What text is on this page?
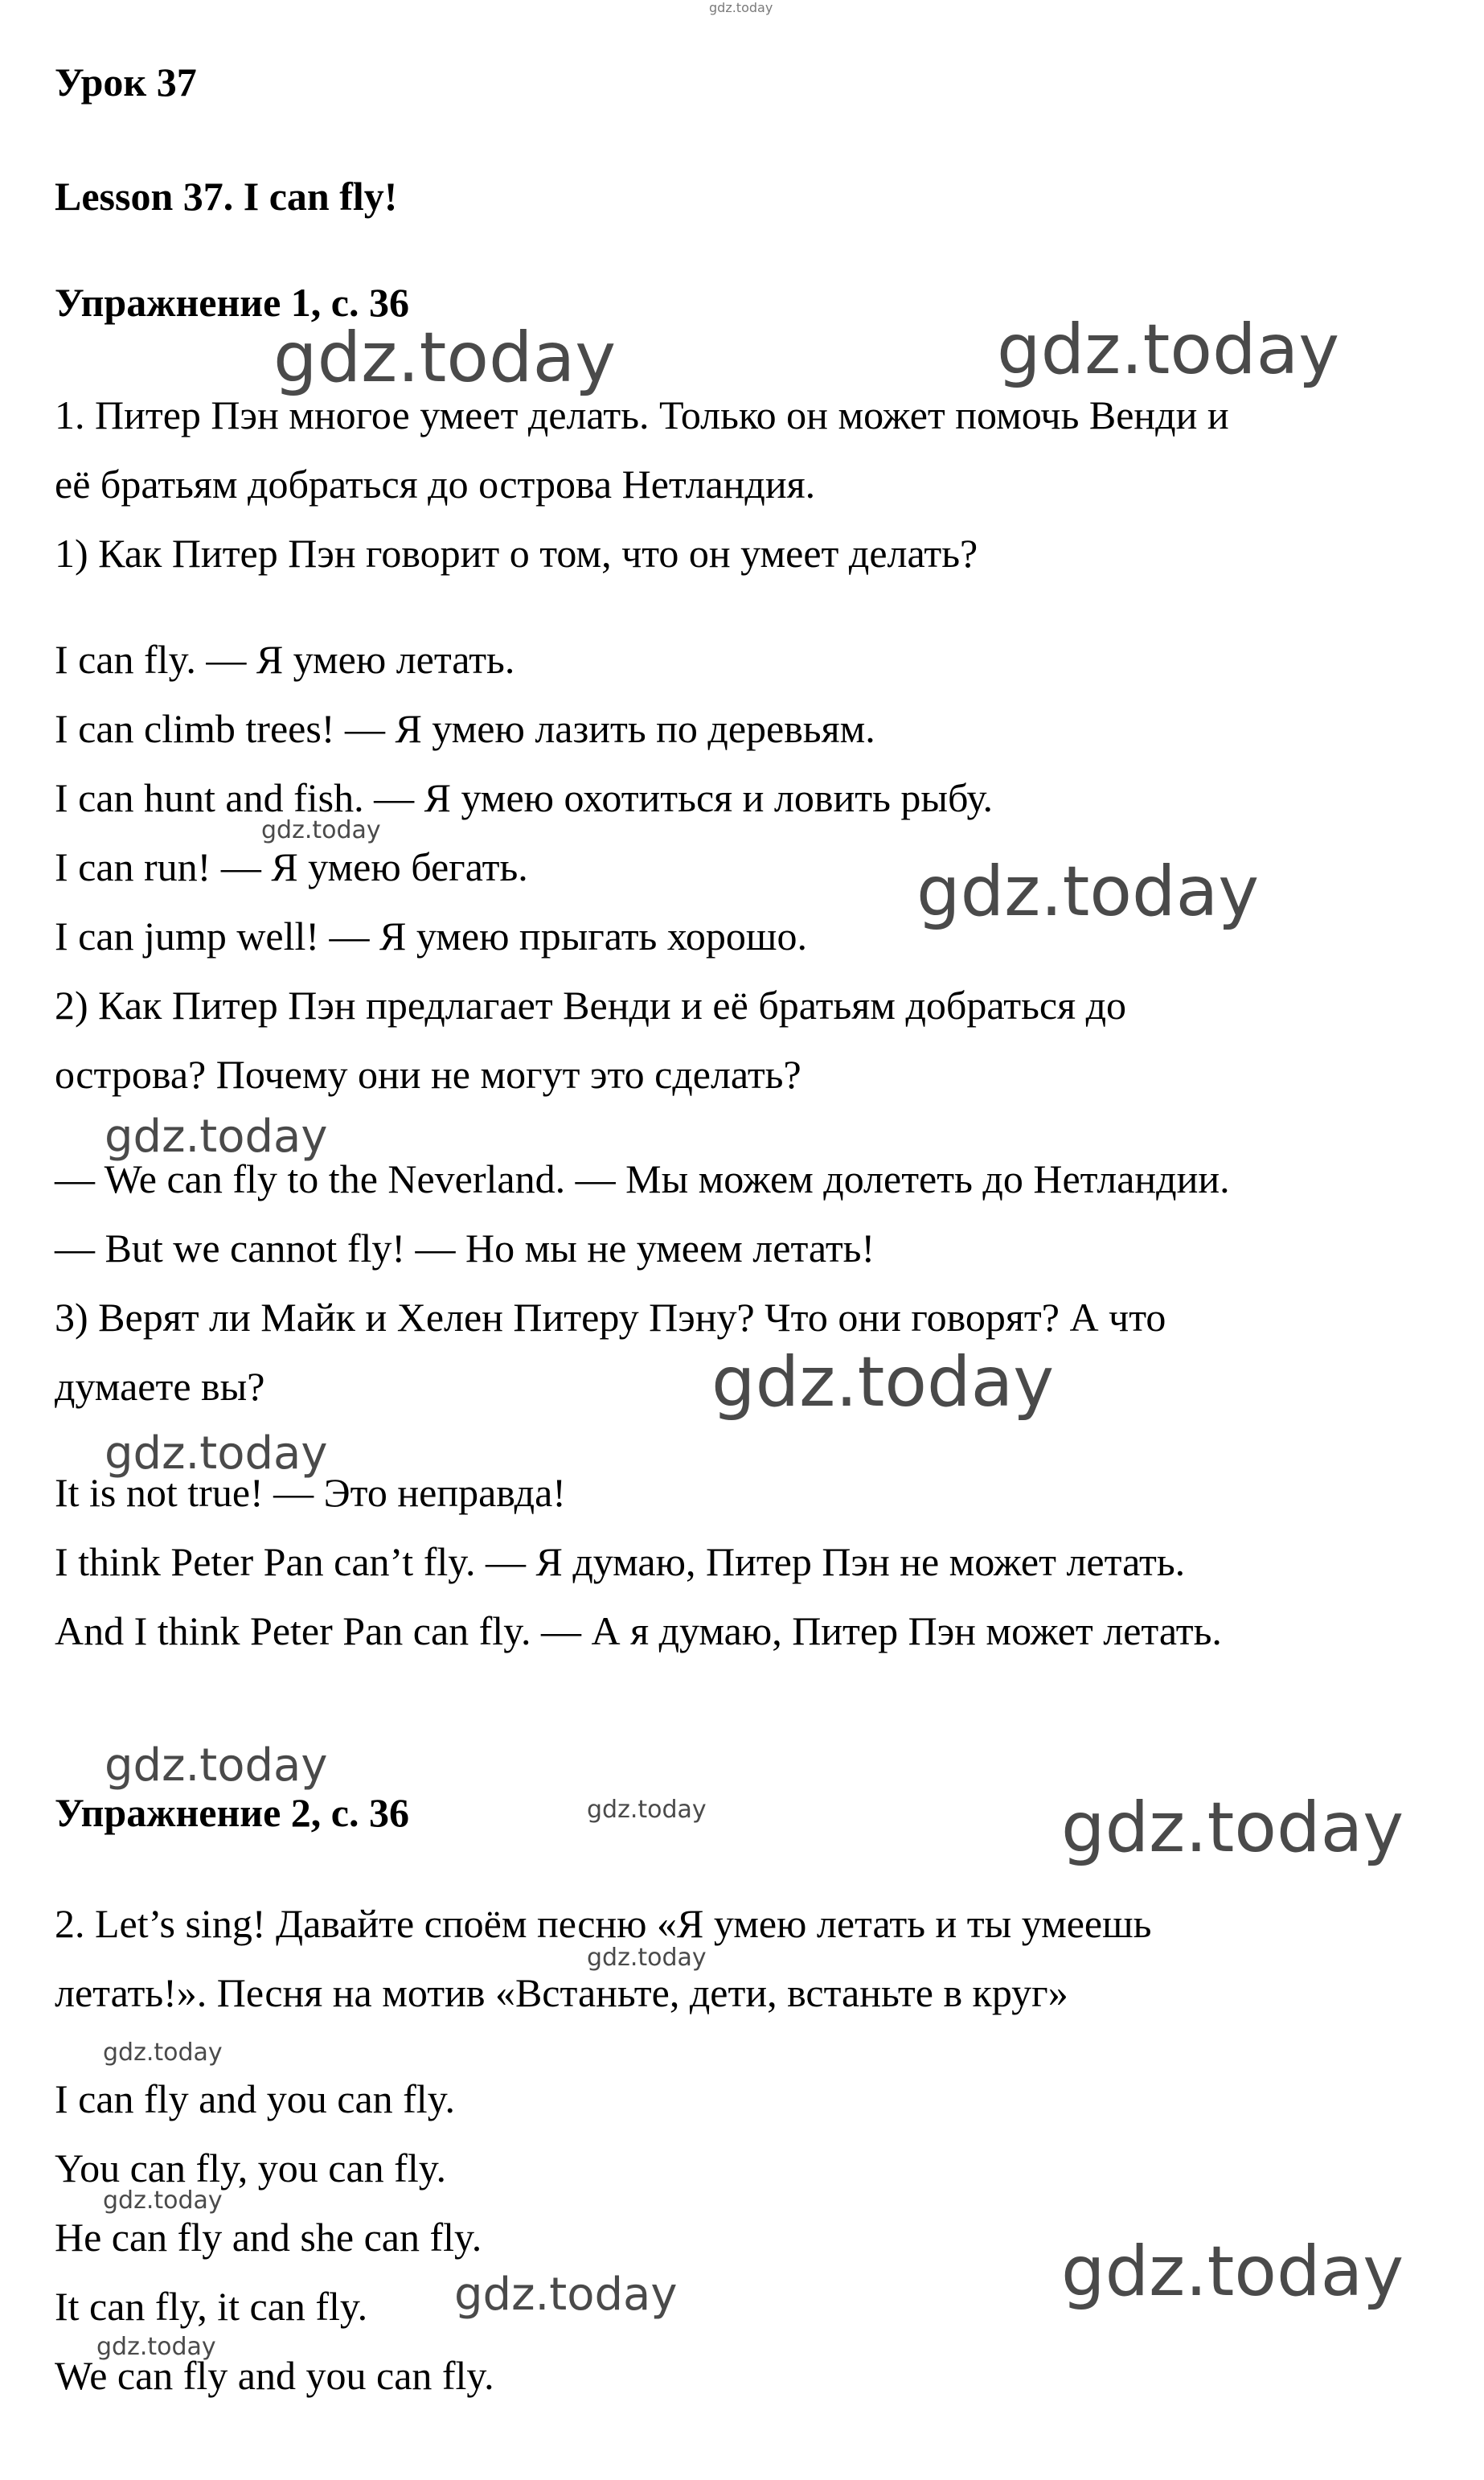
gdz.today
gdz.today	gdz.today
gdz.today
gdz.today
gdz.today
gdz.today
gdz.today
gdz.today
gdz.today	gdz.today
gdz.today
gdz.today
gdz.today
gdz.today
gdz.today
gdz.today
Урок 37
Lesson 37. I can fly!
Упражнение 1, с. 36
1. Питер Пэн многое умеет делать. Только он может помочь Венди и
её братьям добраться до острова Нетландия.
1) Как Питер Пэн говорит о том, что он умеет делать?
I can fly. — Я умею летать.
I can climb trees! — Я умею лазить по деревьям.
I can hunt and fish. — Я умею охотиться и ловить рыбу.
I can run! — Я умею бегать.
I can jump well! — Я умею прыгать хорошо.
2) Как Питер Пэн предлагает Венди и её братьям добраться до
острова? Почему они не могут это сделать?
— We can fly to the Neverland. — Мы можем долететь до Нетландии.
— But we cannot fly! — Но мы не умеем летать!
3) Верят ли Майк и Хелен Питеру Пэну? Что они говорят? А что
думаете вы?
It is not true! — Это неправда!
I think Peter Pan can’t fly. — Я думаю, Питер Пэн не может летать.
And I think Peter Pan can fly. — А я думаю, Питер Пэн может летать.
Упражнение 2, с. 36
2. Let’s sing! Давайте споём песню «Я умею летать и ты умеешь
летать!». Песня на мотив «Встаньте, дети, встаньте в круг»
I can fly and you can fly.
You can fly, you can fly.
He can fly and she can fly.
It can fly, it can fly.
We can fly and you can fly.
